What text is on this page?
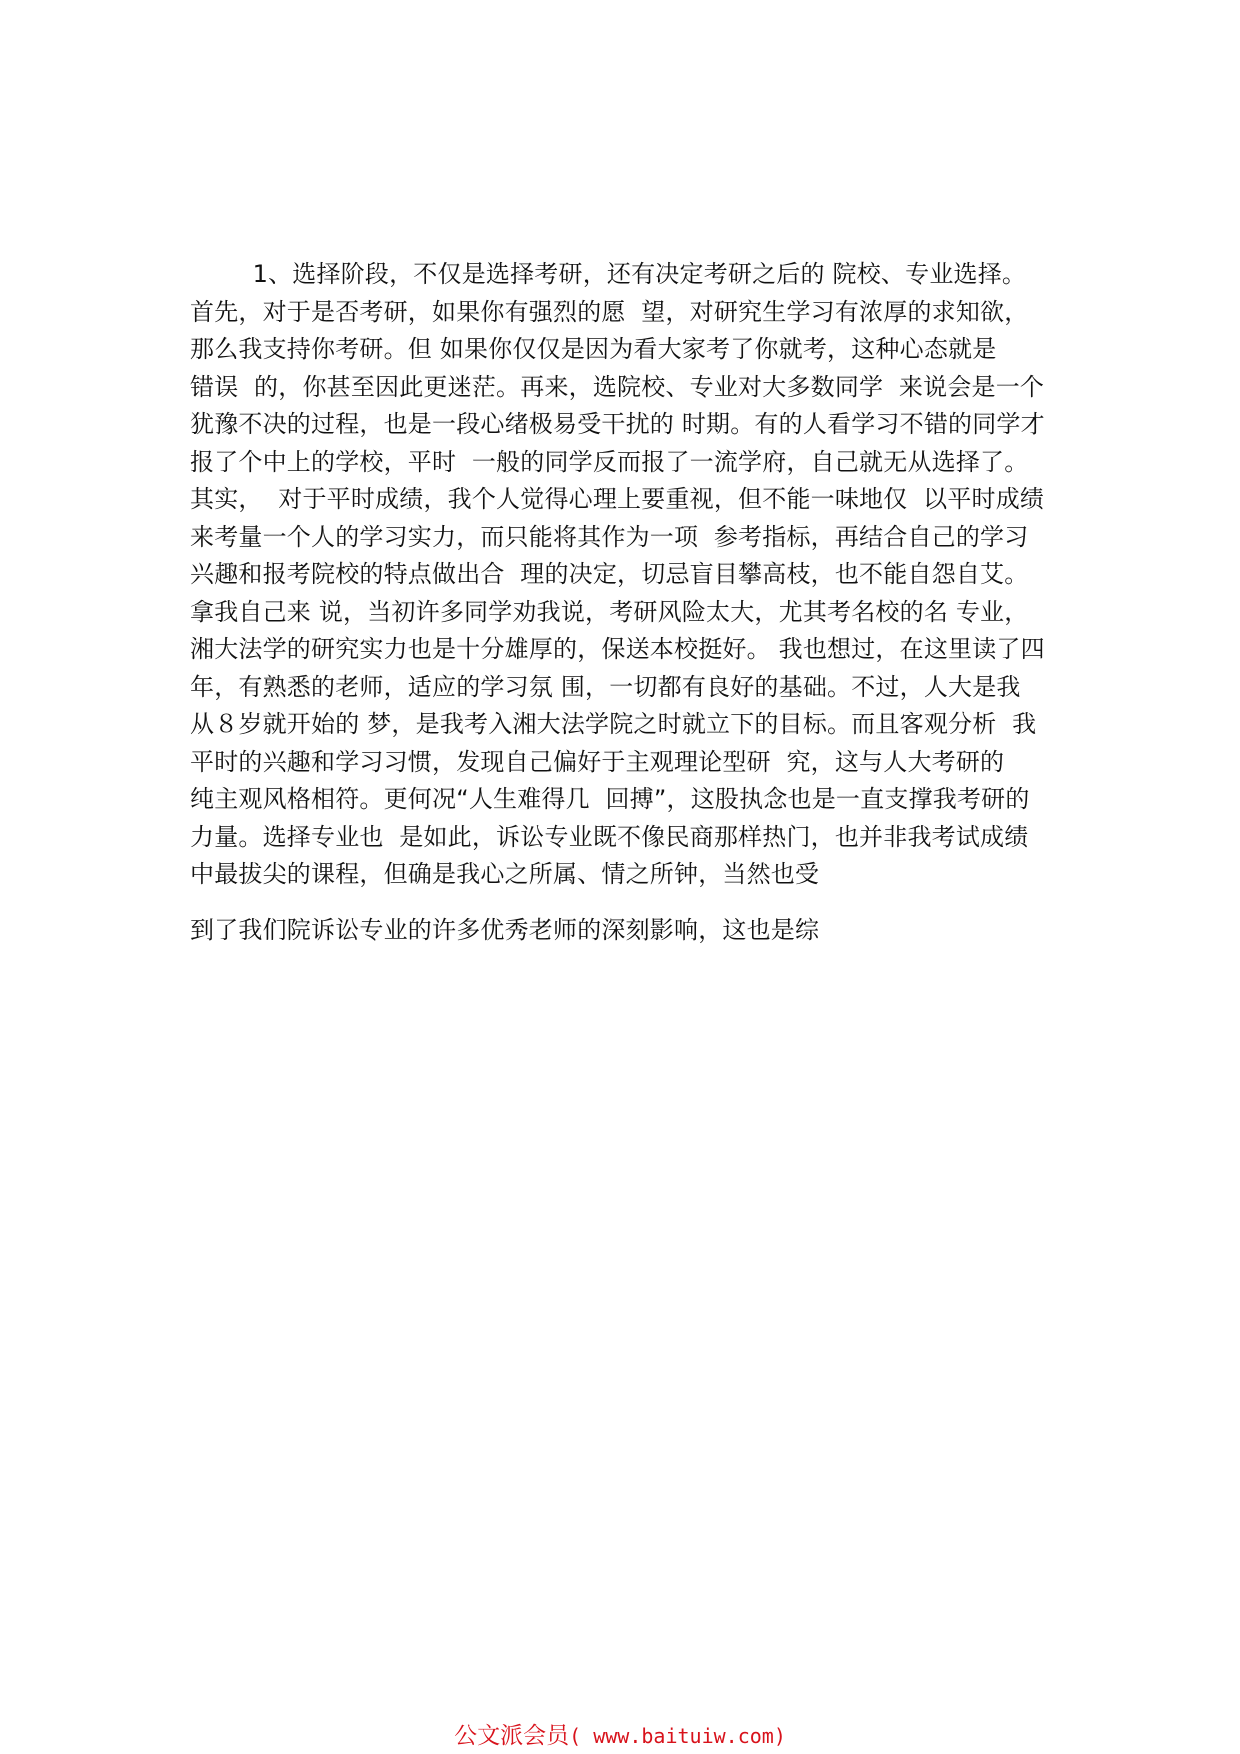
1、选择阶段，不仅是选择考研，还有决定考研之后的 院校、专业选择。
首先，对于是否考研，如果你有强烈的愿  望，对研究生学习有浓厚的求知欲，
那么我支持你考研。但 如果你仅仅是因为看大家考了你就考，这种心态就是
错误  的，你甚至因此更迷茫。再来，选院校、专业对大多数同学  来说会是一个
犹豫不决的过程，也是一段心绪极易受干扰的 时期。有的人看学习不错的同学才
报了个中上的学校，平时  一般的同学反而报了一流学府，自己就无从选择了。
其实，  对于平时成绩，我个人觉得心理上要重视，但不能一味地仅  以平时成绩
来考量一个人的学习实力，而只能将其作为一项  参考指标，再结合自己的学习
兴趣和报考院校的特点做出合  理的决定，切忌盲目攀高枝，也不能自怨自艾。
拿我自己来 说，当初许多同学劝我说，考研风险太大，尤其考名校的名 专业，
湘大法学的研究实力也是十分雄厚的，保送本校挺好。 我也想过，在这里读了四
年，有熟悉的老师，适应的学习氛 围，一切都有良好的基础。不过，人大是我
从８岁就开始的 梦，是我考入湘大法学院之时就立下的目标。而且客观分析  我
平时的兴趣和学习习惯，发现自己偏好于主观理论型研  究，这与人大考研的
纯主观风格相符。更何况“人生难得几  回搏”，这股执念也是一直支撑我考研的
力量。选择专业也  是如此，诉讼专业既不像民商那样热门，也并非我考试成绩
中最拔尖的课程，但确是我心之所属、情之所钟，当然也受
到了我们院诉讼专业的许多优秀老师的深刻影响，这也是综
公文派会员( www.baituiw.com)
